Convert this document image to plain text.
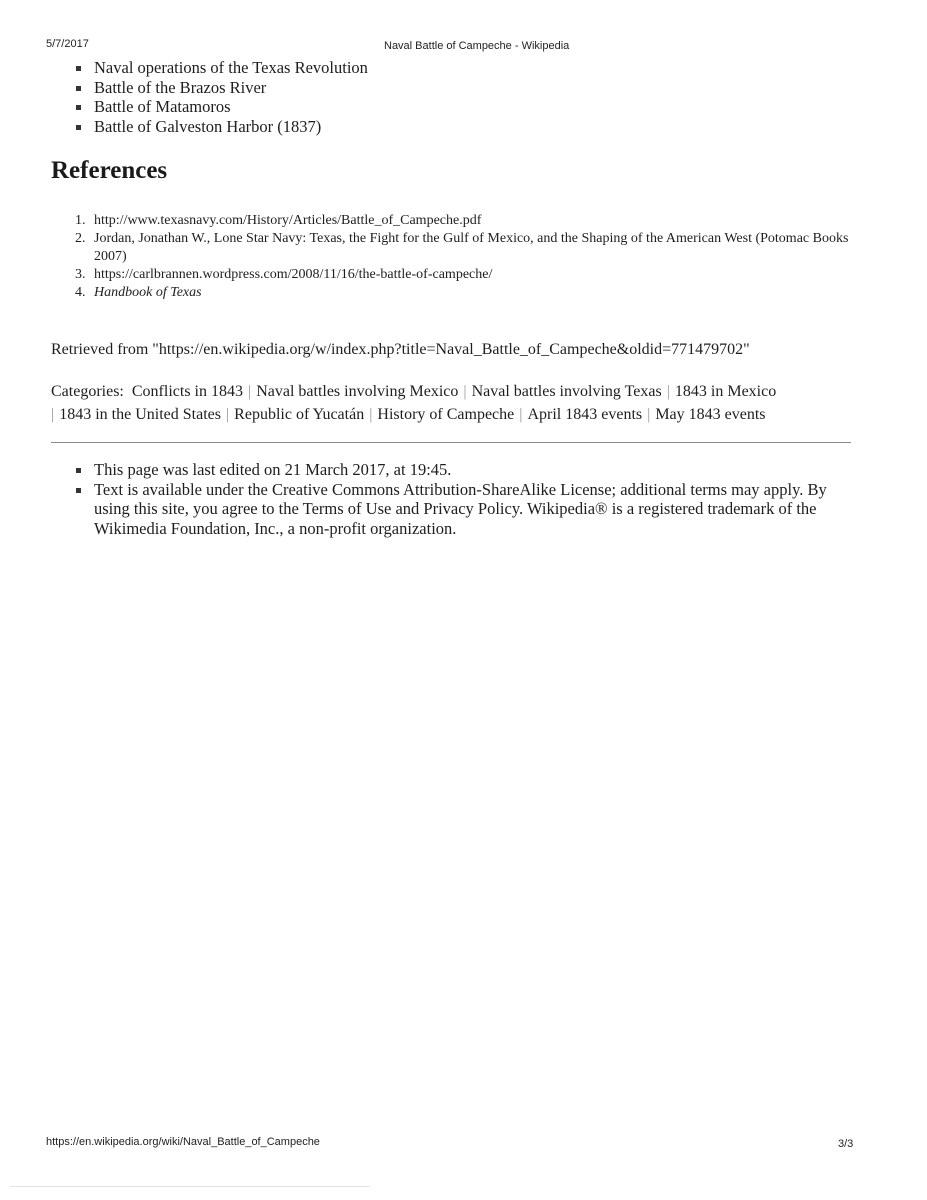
5/7/2017	Naval Battle of Campeche - Wikipedia
Naval operations of the Texas Revolution
Battle of the Brazos River
Battle of Matamoros
Battle of Galveston Harbor (1837)
References
1. http://www.texasnavy.com/History/Articles/Battle_of_Campeche.pdf
2. Jordan, Jonathan W., Lone Star Navy: Texas, the Fight for the Gulf of Mexico, and the Shaping of the American West (Potomac Books 2007)
3. https://carlbrannen.wordpress.com/2008/11/16/the-battle-of-campeche/
4. Handbook of Texas
Retrieved from "https://en.wikipedia.org/w/index.php?title=Naval_Battle_of_Campeche&oldid=771479702"
Categories: Conflicts in 1843 | Naval battles involving Mexico | Naval battles involving Texas | 1843 in Mexico
| 1843 in the United States | Republic of Yucatán | History of Campeche | April 1843 events | May 1843 events
This page was last edited on 21 March 2017, at 19:45.
Text is available under the Creative Commons Attribution-ShareAlike License; additional terms may apply. By using this site, you agree to the Terms of Use and Privacy Policy. Wikipedia® is a registered trademark of the Wikimedia Foundation, Inc., a non-profit organization.
https://en.wikipedia.org/wiki/Naval_Battle_of_Campeche	3/3
